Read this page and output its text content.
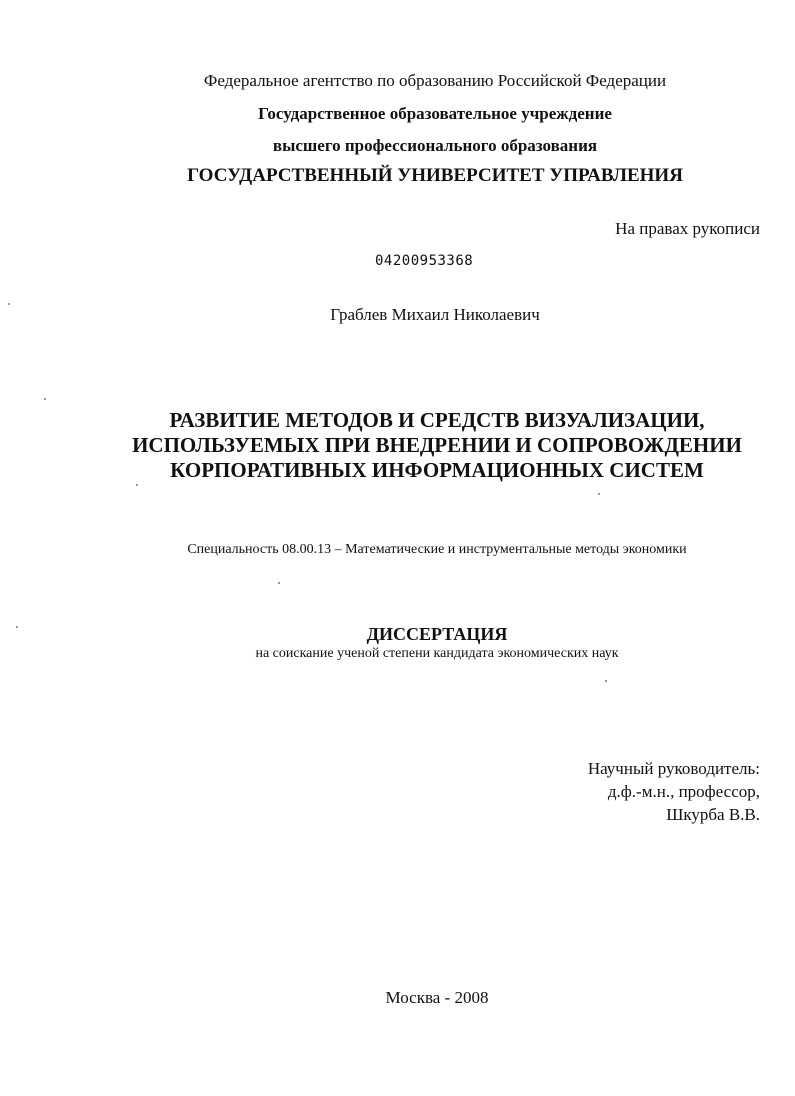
Федеральное агентство по образованию Российской Федерации
Государственное образовательное учреждение
высшего профессионального образования
ГОСУДАРСТВЕННЫЙ УНИВЕРСИТЕТ УПРАВЛЕНИЯ
На правах рукописи
04200953368
Граблев Михаил Николаевич
РАЗВИТИЕ МЕТОДОВ И СРЕДСТВ ВИЗУАЛИЗАЦИИ,
ИСПОЛЬЗУЕМЫХ ПРИ ВНЕДРЕНИИ И СОПРОВОЖДЕНИИ
КОРПОРАТИВНЫХ ИНФОРМАЦИОННЫХ СИСТЕМ
Специальность 08.00.13 – Математические и инструментальные методы экономики
ДИССЕРТАЦИЯ
на соискание ученой степени кандидата экономических наук
Научный руководитель:
д.ф.-м.н., профессор,
Шкурба В.В.
Москва - 2008
